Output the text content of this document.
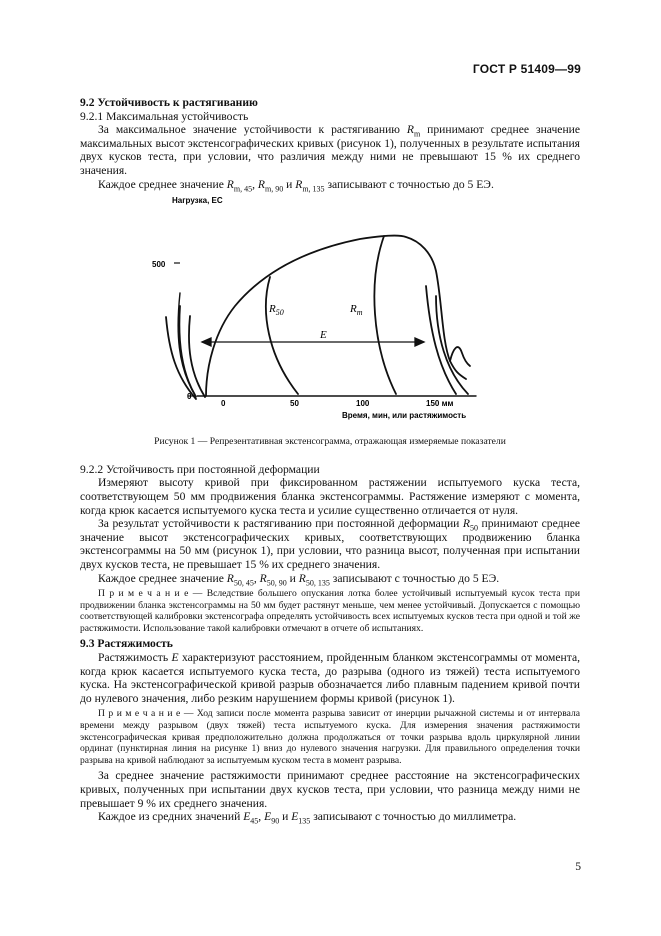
ГОСТ Р 51409—99

9.2 Устойчивость к растягиванию

9.2.1 Максимальная устойчивость

За максимальное значение устойчивости к растягиванию $R_m$ принимают среднее значение максимальных высот экстенсографических кривых (рисунок 1), полученных в результате испытания двух кусков теста, при условии, что различия между ними не превышают 15 % их среднего значения.

Каждое среднее значение $R_{m, 45}$, $R_{m, 90}$ и $R_{m, 135}$ записывают с точностью до 5 ЕЭ.

Нагрузка, ЕС
500
0
0	50	100	150 мм
Время, мин, или растяжимость
$R_{50}$	$R_m$
E
Рисунок 1 — Репрезентативная экстенсограмма, отражающая измеряемые показатели

9.2.2 Устойчивость при постоянной деформации

Измеряют высоту кривой при фиксированном растяжении испытуемого куска теста, соответствующем 50 мм продвижения бланка экстенсограммы. Растяжение измеряют с момента, когда крюк касается испытуемого куска теста и усилие существенно отличается от нуля.

За результат устойчивости к растягиванию при постоянной деформации $R_{50}$ принимают среднее значение высот экстенсографических кривых, соответствующих продвижению бланка экстенсограммы на 50 мм (рисунок 1), при условии, что разница высот, полученная при испытании двух кусков теста, не превышает 15 % их среднего значения.

Каждое среднее значение $R_{50, 45}$, $R_{50, 90}$ и $R_{50, 135}$ записывают с точностью до 5 ЕЭ.

П р и м е ч а н и е — Вследствие большего опускания лотка более устойчивый испытуемый кусок теста при продвижении бланка экстенсограммы на 50 мм будет растянут меньше, чем менее устойчивый. Допускается с помощью соответствующей калибровки экстенсографа определять устойчивость всех испытуемых кусков теста при одной и той же растяжимости. Использование такой калибровки отмечают в отчете об испытаниях.

9.3 Растяжимость

Растяжимость E характеризуют расстоянием, пройденным бланком экстенсограммы от момента, когда крюк касается испытуемого куска теста, до разрыва (одного из тяжей) теста испытуемого куска. На экстенсографической кривой разрыв обозначается либо плавным падением кривой почти до нулевого значения, либо резким нарушением формы кривой (рисунок 1).

П р и м е ч а н и е — Ход записи после момента разрыва зависит от инерции рычажной системы и от интервала времени между разрывом (двух тяжей) теста испытуемого куска. Для измерения значения растяжимости экстенсографическая кривая предположительно должна продолжаться от точки разрыва вдоль циркулярной линии ординат (пунктирная линия на рисунке 1) вниз до нулевого значения нагрузки. Для правильного определения точки разрыва на кривой наблюдают за испытуемым куском теста в момент разрыва.

За среднее значение растяжимости принимают среднее расстояние на экстенсографических кривых, полученных при испытании двух кусков теста, при условии, что разница между ними не превышает 9 % их среднего значения.

Каждое из средних значений $E_{45}$, $E_{90}$ и $E_{135}$ записывают с точностью до миллиметра.

5
